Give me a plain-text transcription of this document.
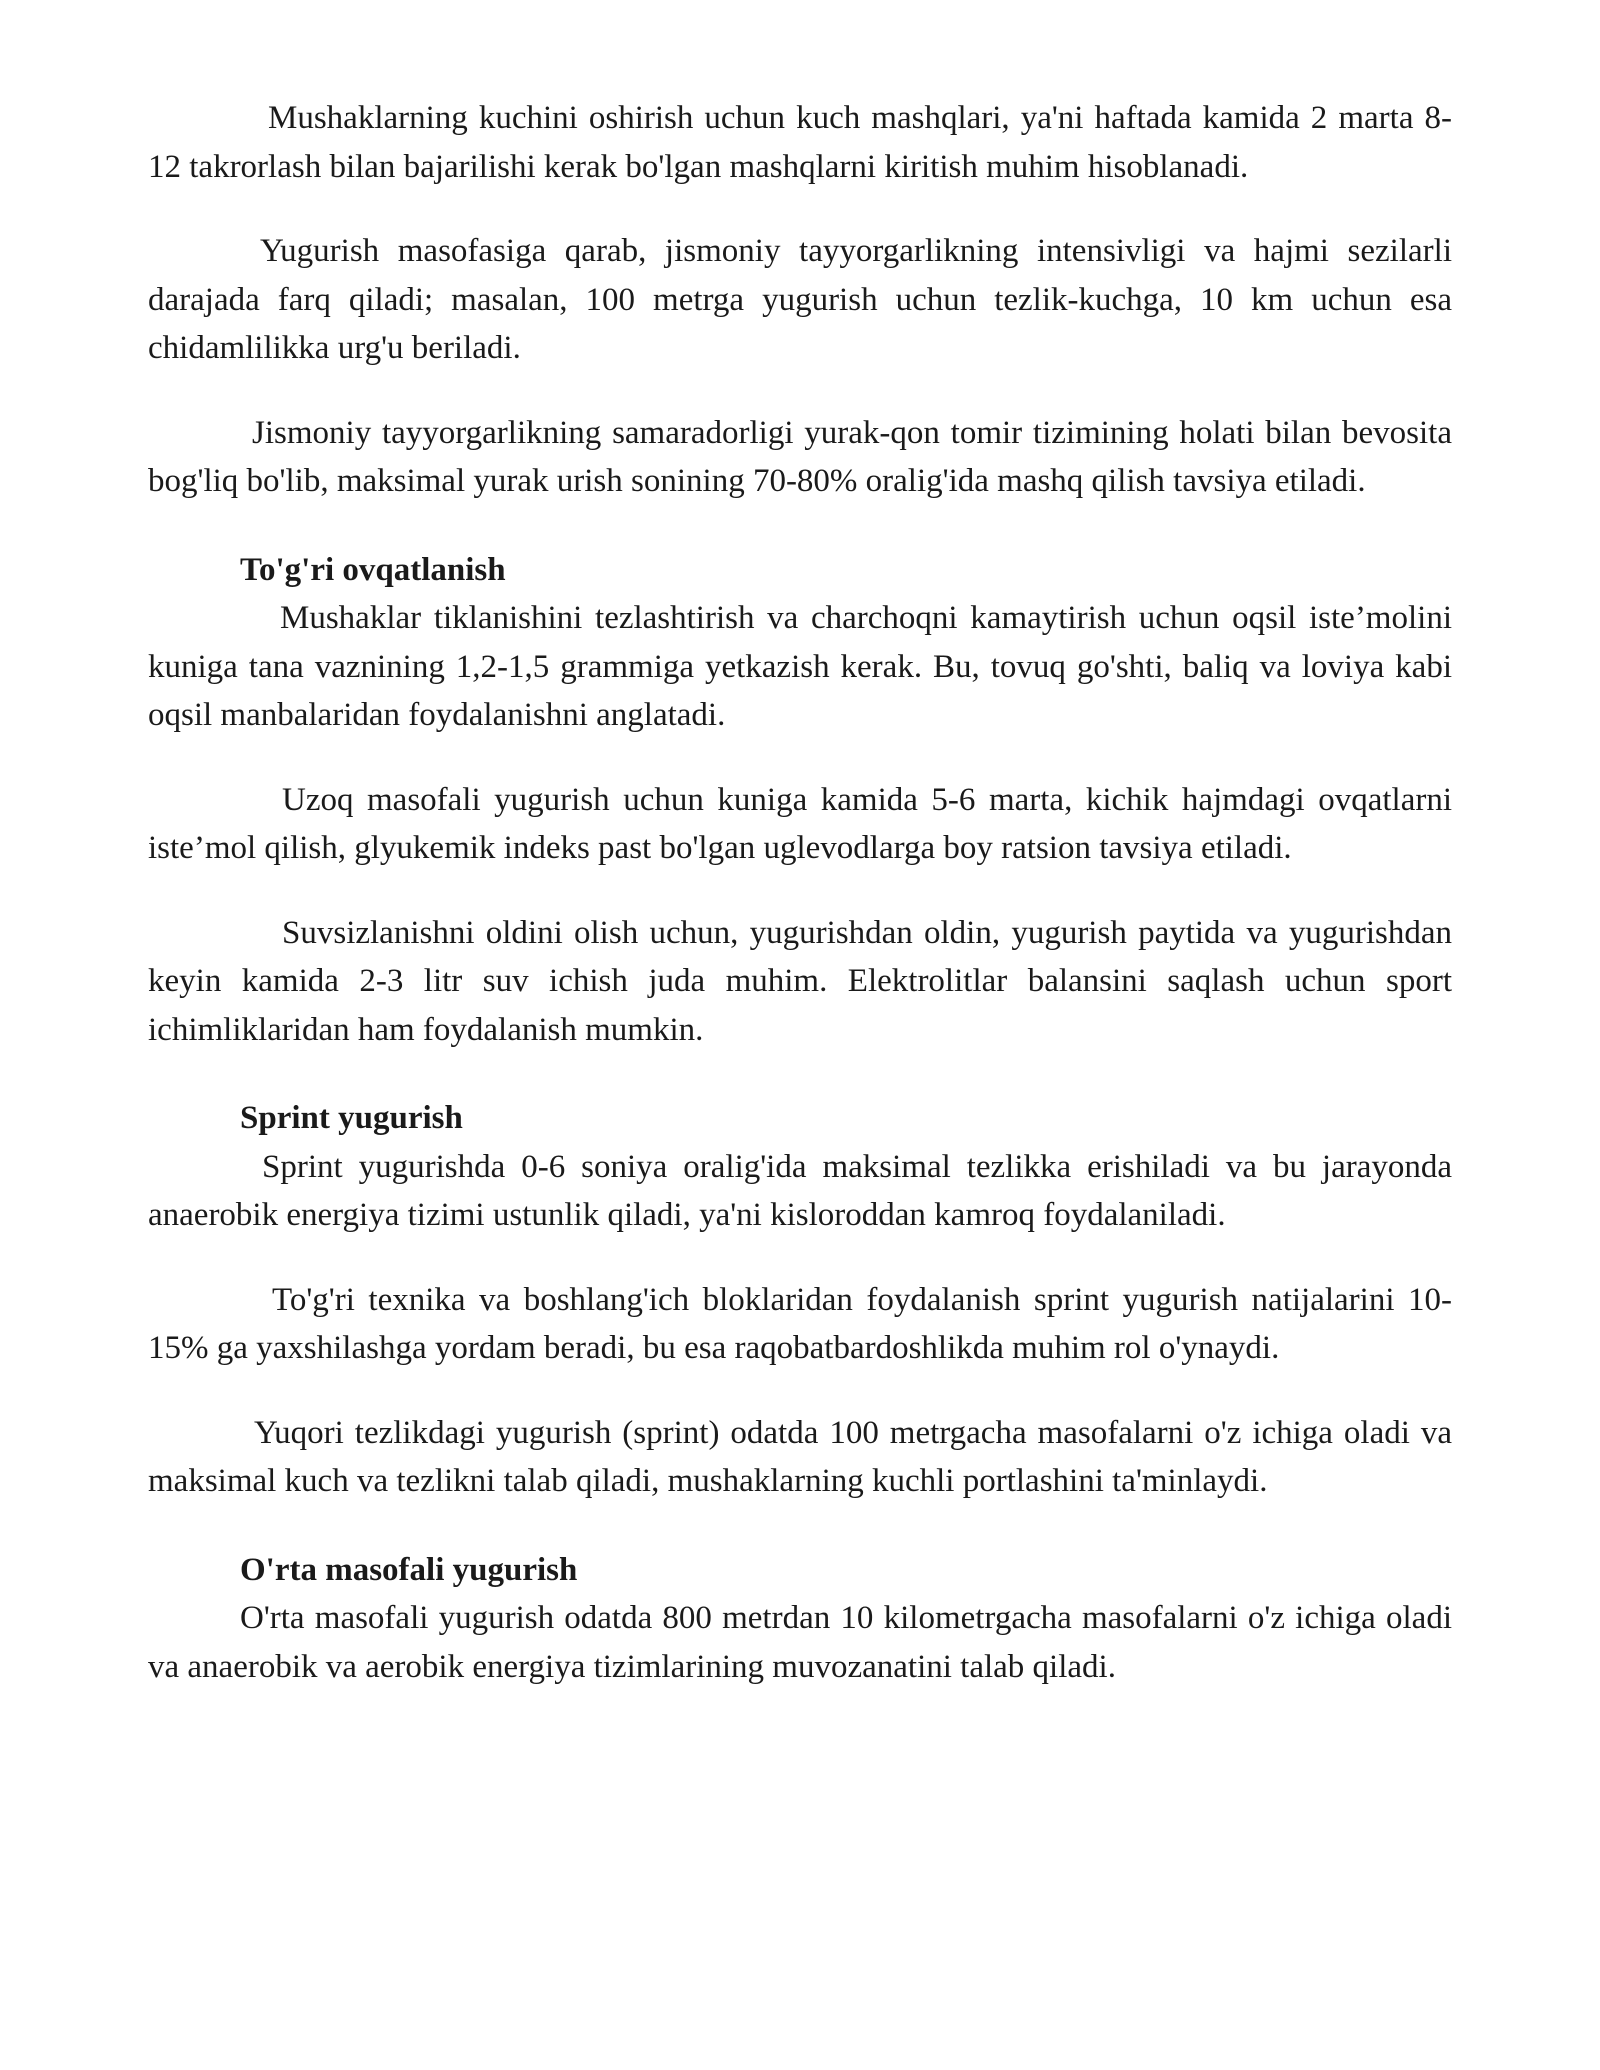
Mushaklarning kuchini oshirish uchun kuch mashqlari, ya'ni haftada kamida 2 marta 8-12 takrorlash bilan bajarilishi kerak bo'lgan mashqlarni kiritish muhim hisoblanadi.

Yugurish masofasiga qarab, jismoniy tayyorgarlikning intensivligi va hajmi sezilarli darajada farq qiladi; masalan, 100 metrga yugurish uchun tezlik-kuchga, 10 km uchun esa chidamlilikka urg'u beriladi.

Jismoniy tayyorgarlikning samaradorligi yurak-qon tomir tizimining holati bilan bevosita bog'liq bo'lib, maksimal yurak urish sonining 70-80% oralig'ida mashq qilish tavsiya etiladi.

To'g'ri ovqatlanish

Mushaklar tiklanishini tezlashtirish va charchoqni kamaytirish uchun oqsil iste’molini kuniga tana vaznining 1,2-1,5 grammiga yetkazish kerak. Bu, tovuq go'shti, baliq va loviya kabi oqsil manbalaridan foydalanishni anglatadi.

Uzoq masofali yugurish uchun kuniga kamida 5-6 marta, kichik hajmdagi ovqatlarni iste’mol qilish, glyukemik indeks past bo'lgan uglevodlarga boy ratsion tavsiya etiladi.

Suvsizlanishni oldini olish uchun, yugurishdan oldin, yugurish paytida va yugurishdan keyin kamida 2-3 litr suv ichish juda muhim. Elektrolitlar balansini saqlash uchun sport ichimliklaridan ham foydalanish mumkin.

Sprint yugurish

Sprint yugurishda 0-6 soniya oralig'ida maksimal tezlikka erishiladi va bu jarayonda anaerobik energiya tizimi ustunlik qiladi, ya'ni kisloroddan kamroq foydalaniladi.

To'g'ri texnika va boshlang'ich bloklaridan foydalanish sprint yugurish natijalarini 10-15% ga yaxshilashga yordam beradi, bu esa raqobatbardoshlikda muhim rol o'ynaydi.

Yuqori tezlikdagi yugurish (sprint) odatda 100 metrgacha masofalarni o'z ichiga oladi va maksimal kuch va tezlikni talab qiladi, mushaklarning kuchli portlashini ta'minlaydi.

O'rta masofali yugurish

O'rta masofali yugurish odatda 800 metrdan 10 kilometrgacha masofalarni o'z ichiga oladi va anaerobik va aerobik energiya tizimlarining muvozanatini talab qiladi.
